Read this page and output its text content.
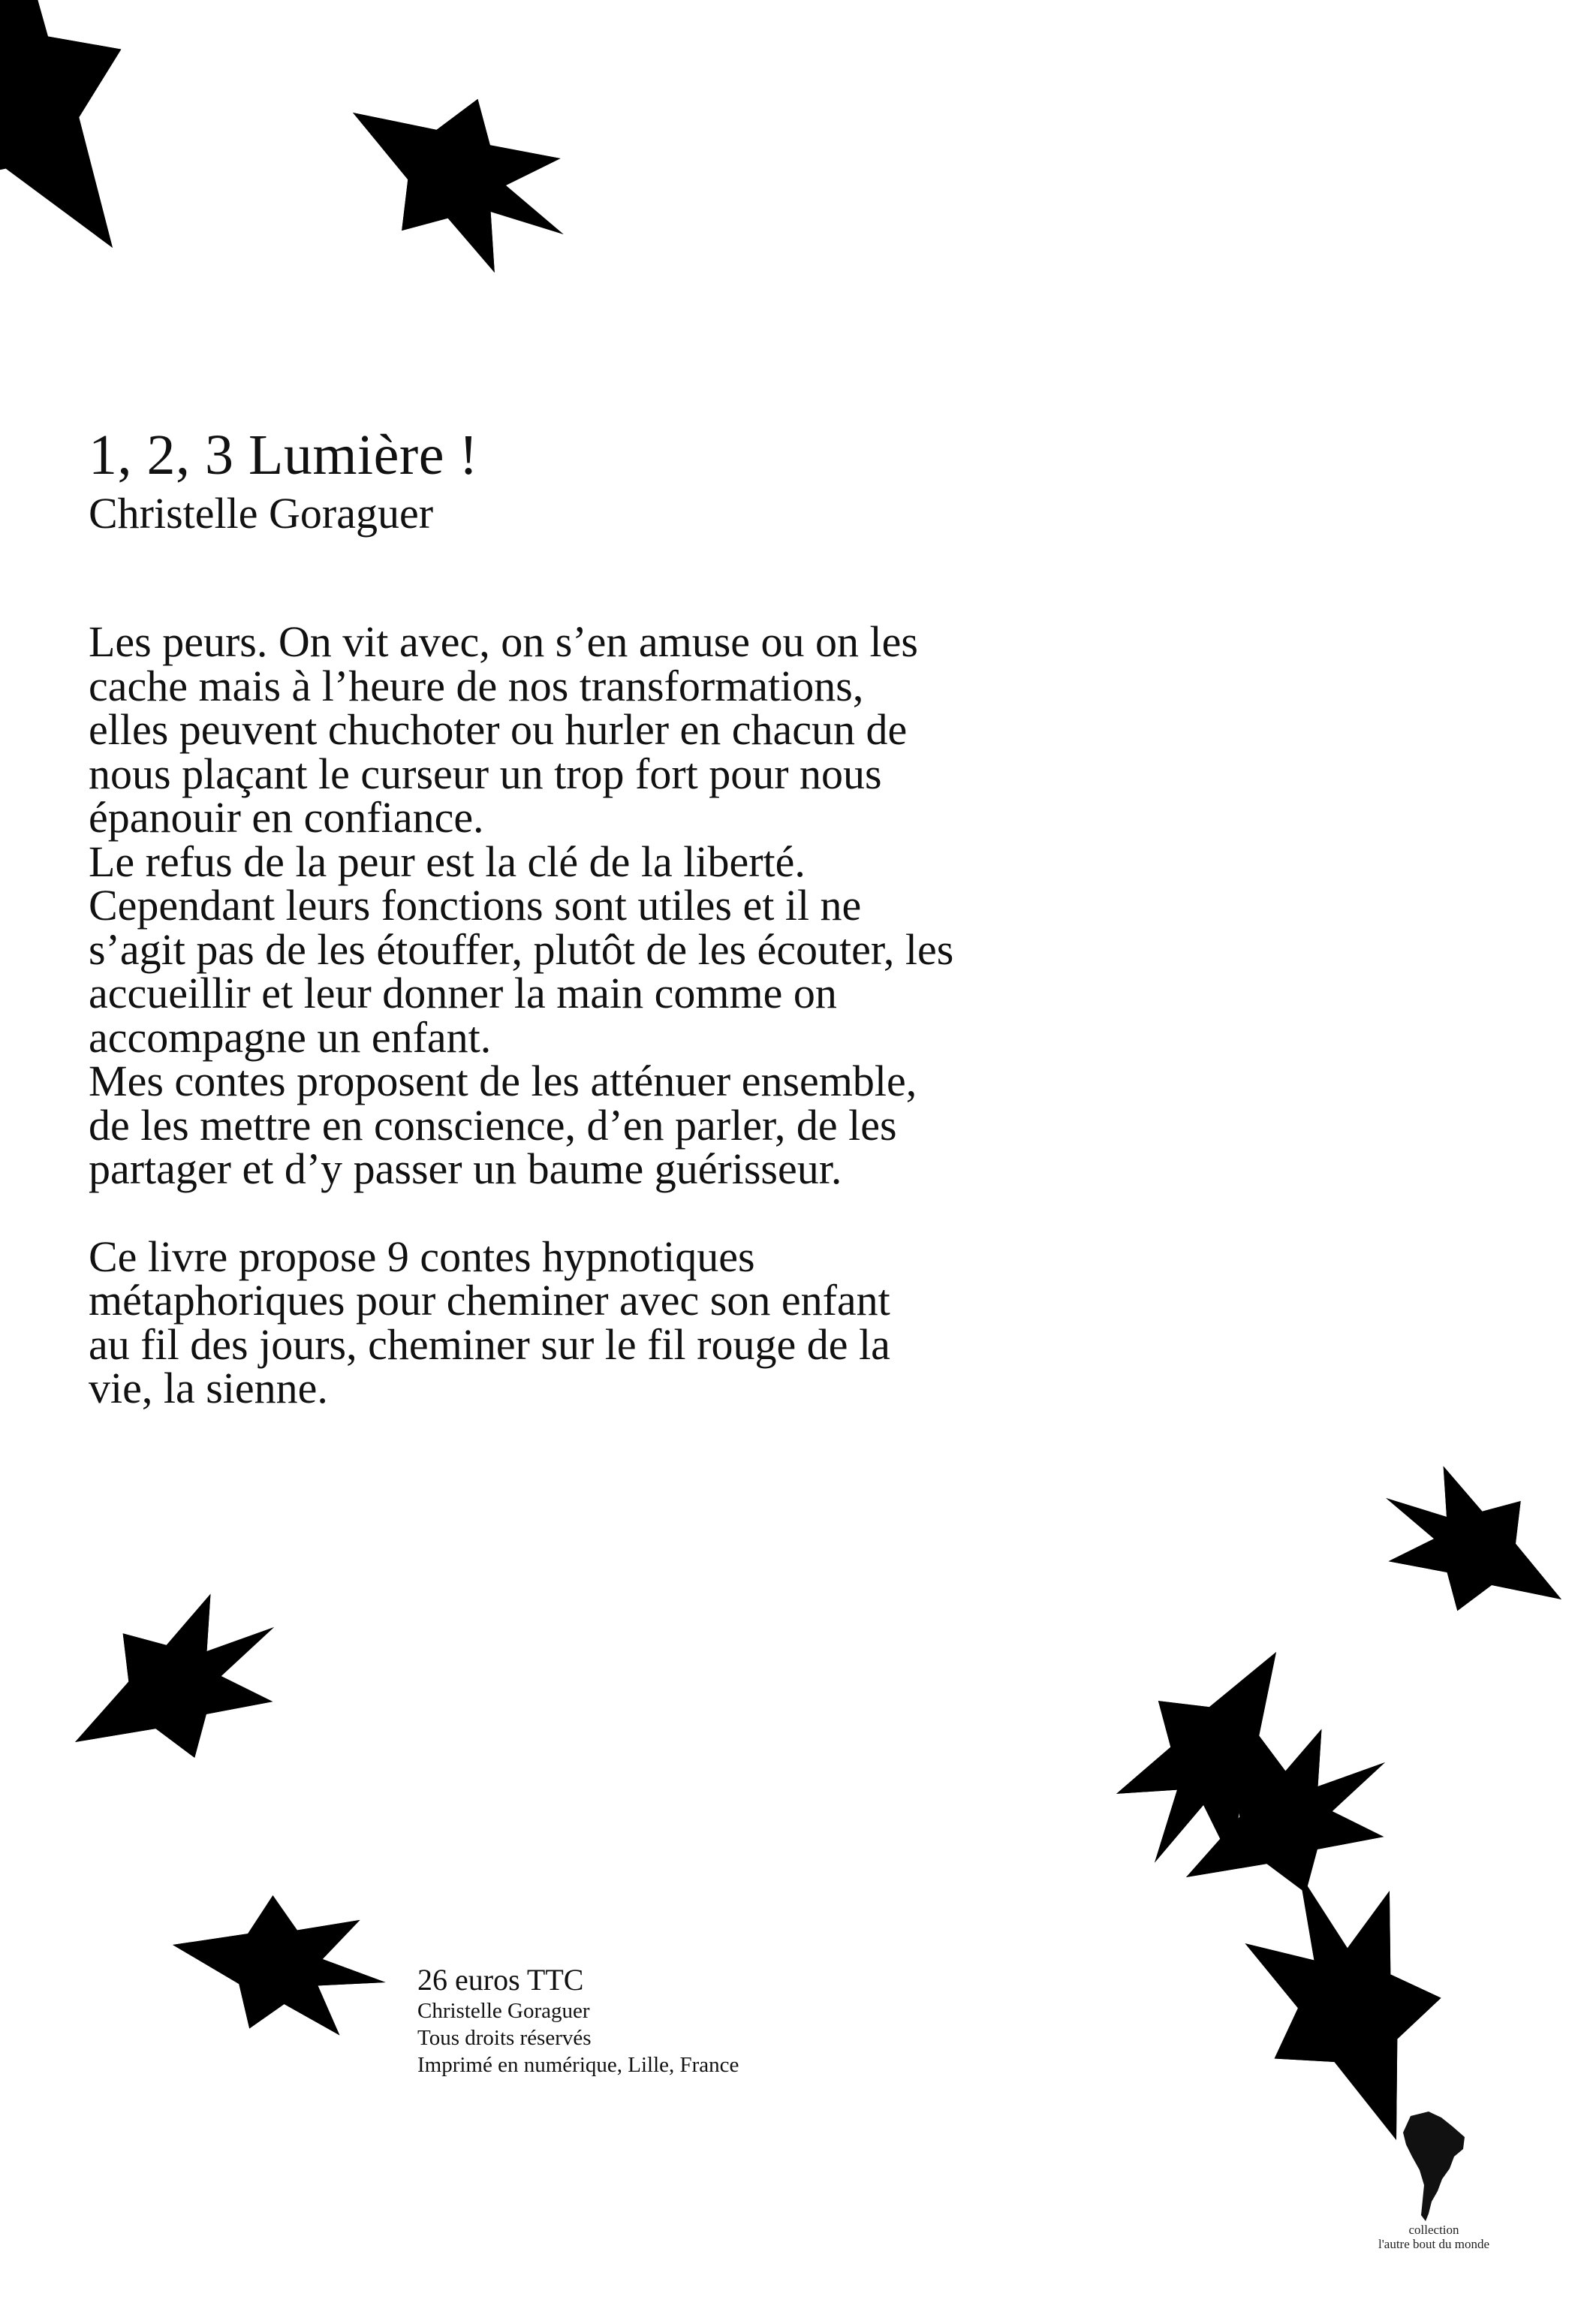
1, 2, 3 Lumière !
Christelle Goraguer

Les peurs. On vit avec, on s’en amuse ou on les

cache mais à l’heure de nos transformations,

elles peuvent chuchoter ou hurler en chacun de

nous plaçant le curseur un trop fort pour nous

épanouir en confiance.

Le refus de la peur est la clé de la liberté.

Cependant leurs fonctions sont utiles et il ne

s’agit pas de les étouffer, plutôt de les écouter, les

accueillir et leur donner la main comme on

accompagne un enfant.

Mes contes proposent de les atténuer ensemble,

de les mettre en conscience, d’en parler, de les

partager et d’y passer un baume guérisseur.

Ce livre propose 9 contes hypnotiques

métaphoriques pour cheminer avec son enfant

au fil des jours, cheminer sur le fil rouge de la

vie, la sienne.

26 euros TTC
Christelle Goraguer
Tous droits réservés
Imprimé en numérique, Lille, France
collection
l'autre bout du monde
